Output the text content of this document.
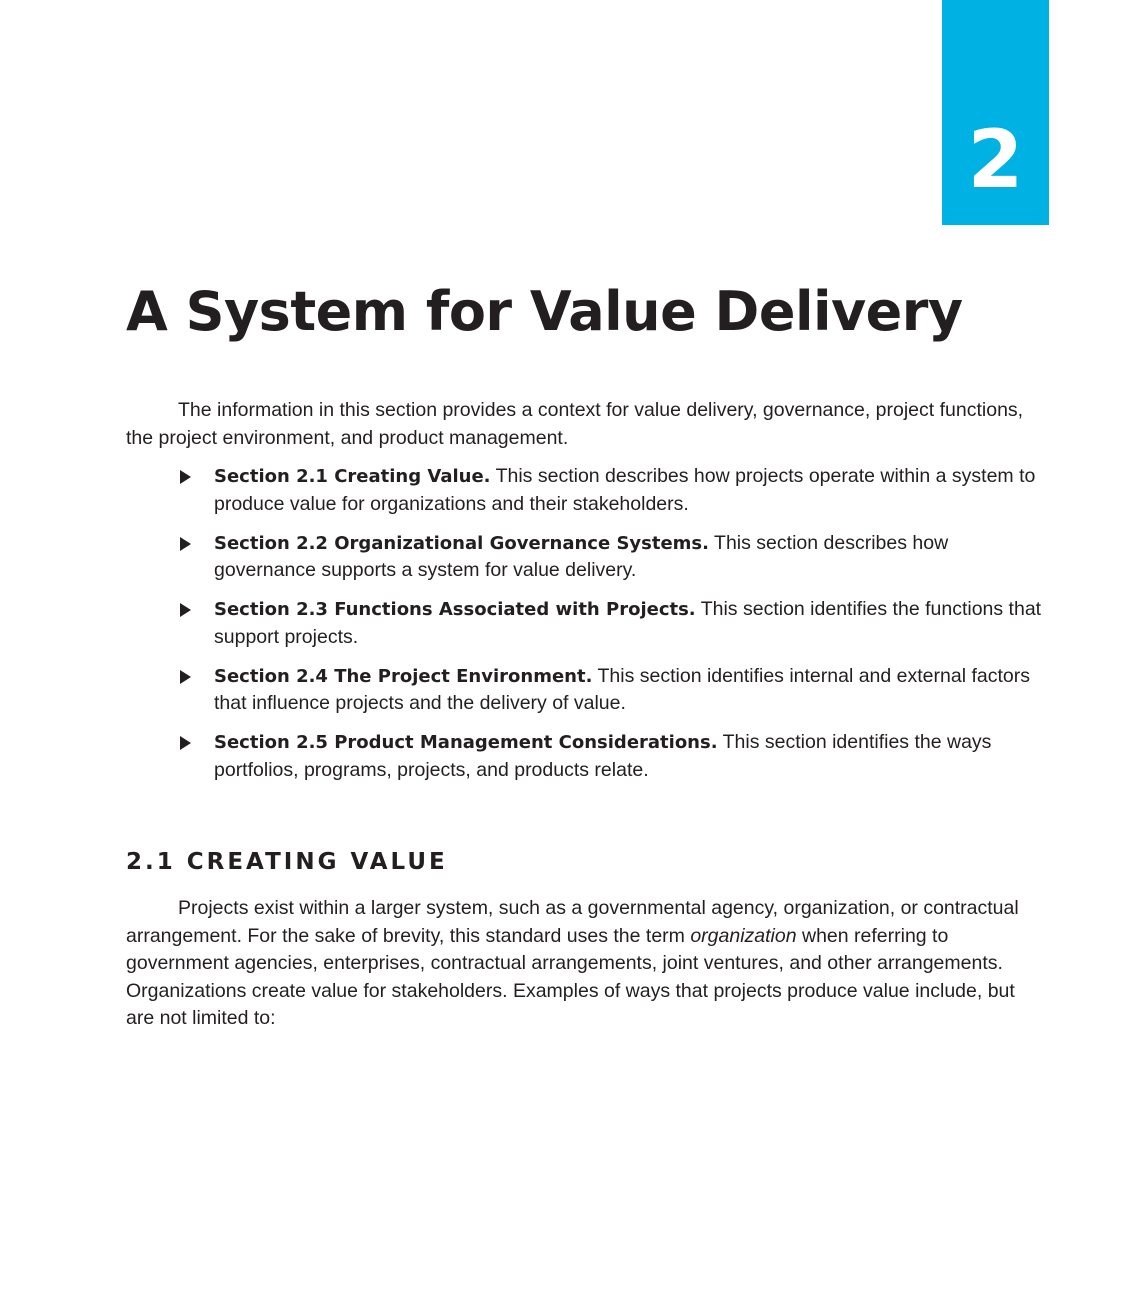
2
A System for Value Delivery

The information in this section provides a context for value delivery, governance, project functions, the project environment, and product management.

Section 2.1 Creating Value. This section describes how projects operate within a system to produce value for organizations and their stakeholders.
Section 2.2 Organizational Governance Systems. This section describes how governance supports a system for value delivery.
Section 2.3 Functions Associated with Projects. This section identifies the functions that support projects.
Section 2.4 The Project Environment. This section identifies internal and external factors that influence projects and the delivery of value.
Section 2.5 Product Management Considerations. This section identifies the ways portfolios, programs, projects, and products relate.
2.1 CREATING VALUE

Projects exist within a larger system, such as a governmental agency, organization, or contractual arrangement. For the sake of brevity, this standard uses the term organization when referring to government agencies, enterprises, contractual arrangements, joint ventures, and other arrangements. Organizations create value for stakeholders. Examples of ways that projects produce value include, but are not limited to:
